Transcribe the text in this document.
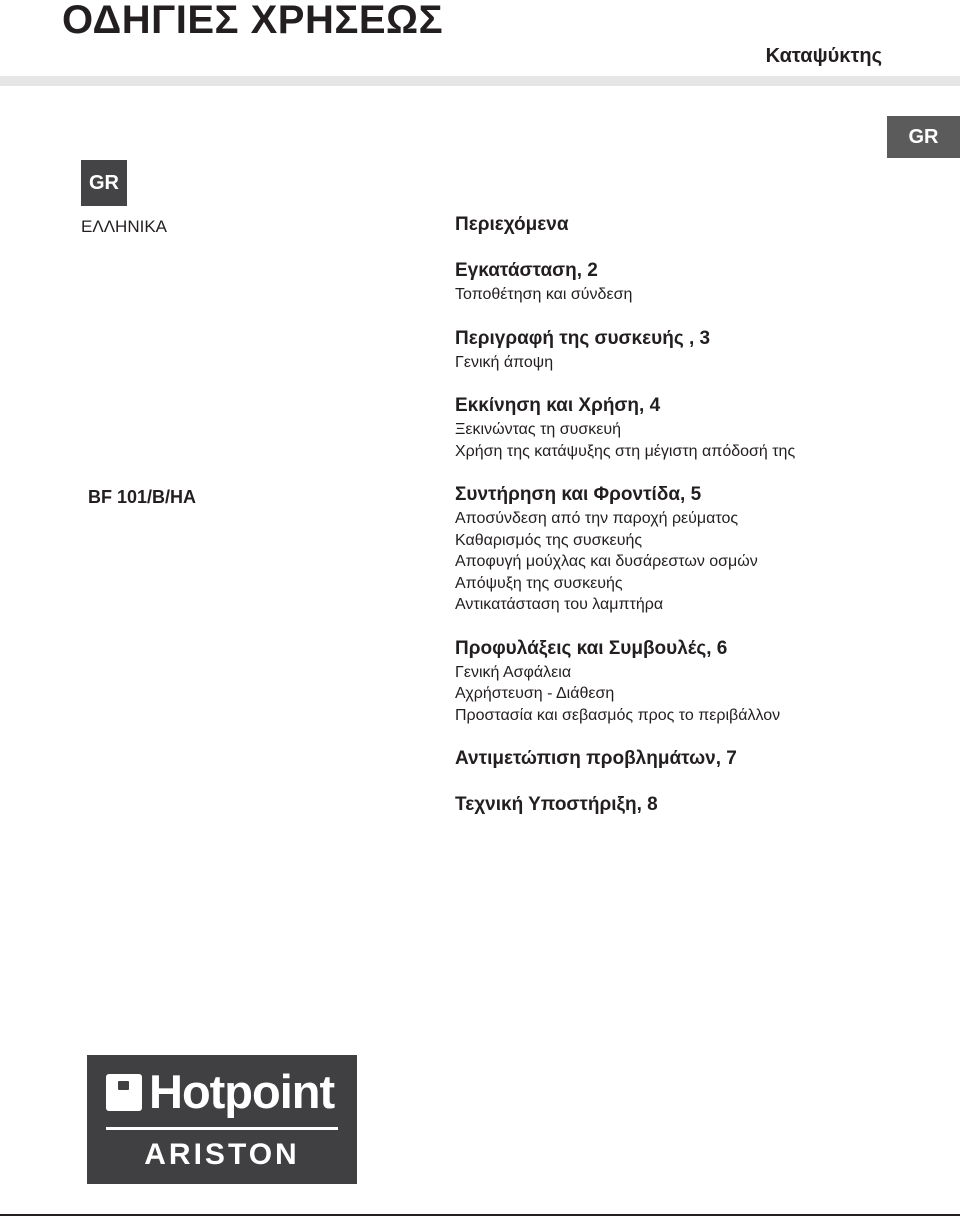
ΟΔΗΓΙΕΣ ΧΡΗΣΕΩΣ
Καταψύκτης
GR
GR
ΕΛΛΗΝΙΚΑ
BF 101/B/HA
Περιεχόμενα
Εγκατάσταση, 2
Τοποθέτηση και σύνδεση
Περιγραφή της συσκευής , 3
Γενική άποψη
Εκκίνηση και Χρήση, 4
Ξεκινώντας τη συσκευή
Χρήση της κατάψυξης στη μέγιστη απόδοσή της
Συντήρηση και Φροντίδα, 5
Αποσύνδεση από την παροχή ρεύματος
Καθαρισμός της συσκευής
Αποφυγή μούχλας και δυσάρεστων οσμών
Απόψυξη της συσκευής
Αντικατάσταση του λαμπτήρα
Προφυλάξεις και Συμβουλές, 6
Γενική Ασφάλεια
Αχρήστευση - Διάθεση
Προστασία και σεβασμός προς το περιβάλλον
Αντιμετώπιση προβλημάτων, 7
Τεχνική Υποστήριξη, 8
Hotpoint
ARISTON
